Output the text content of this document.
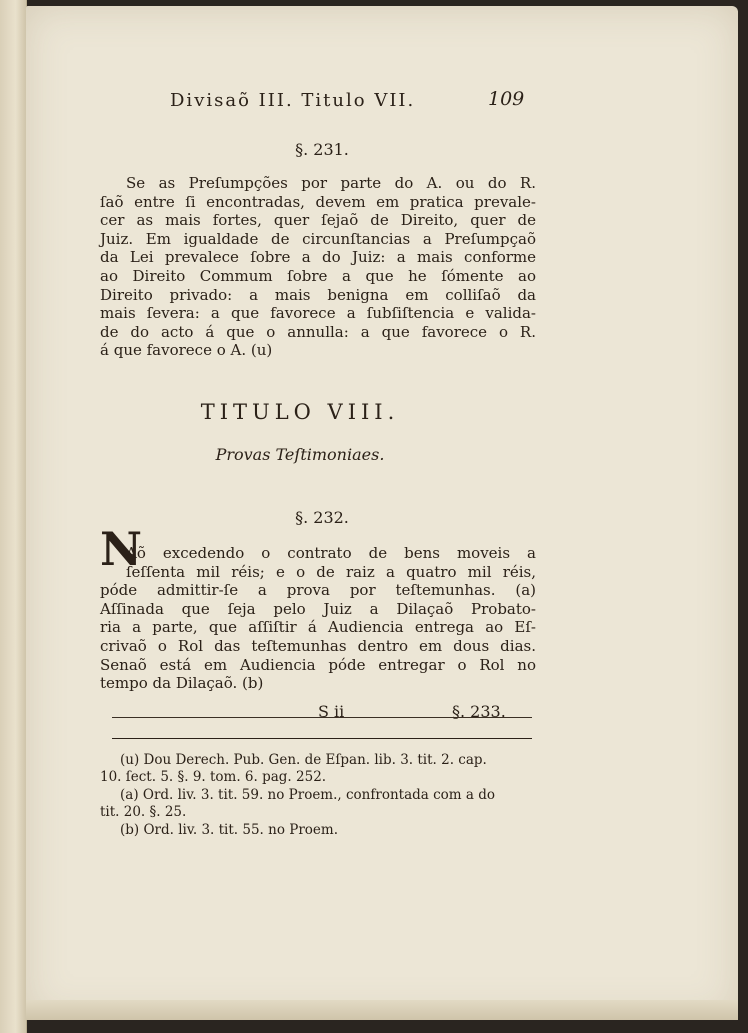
Divisaõ III. Titulo VII.	109
§. 231.
Se as Preſumpções por parte do A. ou do R.
ſaõ entre ſi encontradas, devem em pratica prevale-
cer as mais fortes, quer ſejaõ de Direito, quer de
Juiz. Em igualdade de circunſtancias a Preſumpçaõ
da Lei prevalece ſobre a do Juiz: a mais conforme
ao Direito Commum ſobre a que he ſómente ao
Direito privado: a mais benigna em colliſaõ da
mais ſevera: a que favorece a ſubſiſtencia e valida-
de do acto á que o annulla: a que favorece o R.
á que favorece o A. (u)
TITULO VIII.
Provas Teſtimoniaes.
§. 232.
N
Aõ excedendo o contrato de bens moveis a
ſeſſenta mil réis; e o de raiz a quatro mil réis,
póde admittir-ſe a prova por teſtemunhas. (a)
Aſſinada que ſeja pelo Juiz a Dilaçaõ Probato-
ria a parte, que aſſiſtir á Audiencia entrega ao Eſ-
crivaõ o Rol das teſtemunhas dentro em dous dias.
Senaõ está em Audiencia póde entregar o Rol no
tempo da Dilaçaõ. (b)
S ii	§. 233.
(u) Dou Derech. Pub. Gen. de Eſpan. lib. 3. tit. 2. cap.
10. ſect. 5. §. 9. tom. 6. pag. 252.
(a) Ord. liv. 3. tit. 59. no Proem., confrontada com a do
tit. 20. §. 25.
(b) Ord. liv. 3. tit. 55. no Proem.
